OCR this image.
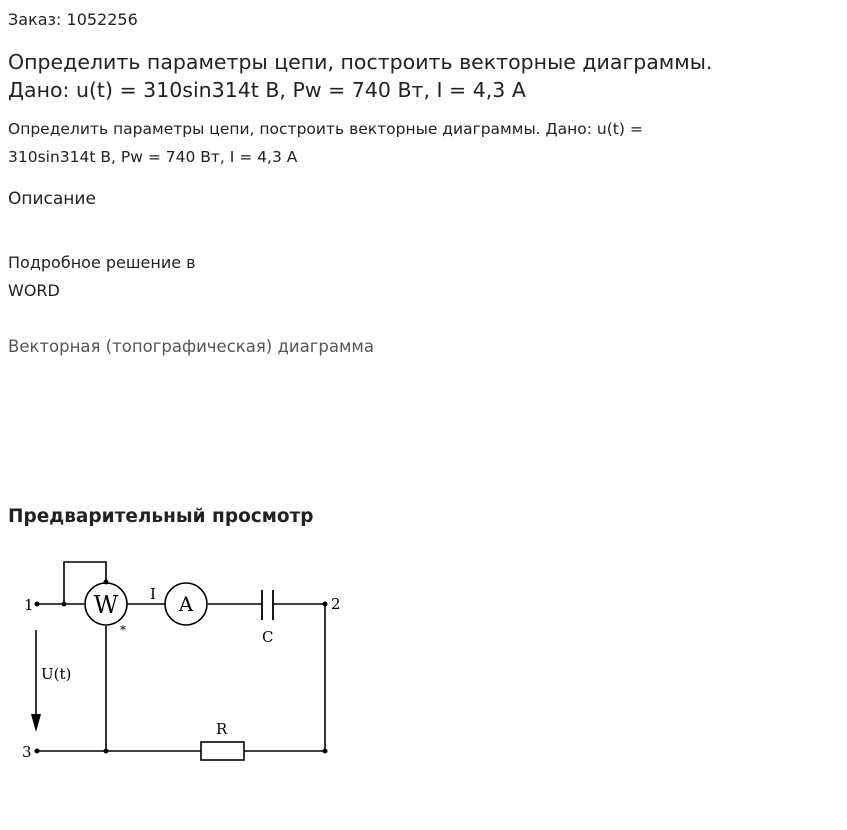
Заказ: 1052256
Определить параметры цепи, построить векторные диаграммы.
Дано: u(t) = 310sin314t В, Pw = 740 Вт, I = 4,3 А
Определить параметры цепи, построить векторные диаграммы. Дано: u(t) =
310sin314t В, Pw = 740 Вт, I = 4,3 А
Описание
Подробное решение в
WORD
Векторная (топографическая) диаграмма
Предварительный просмотр
W	A
1	2
3
I
*
U(t)
C
R
